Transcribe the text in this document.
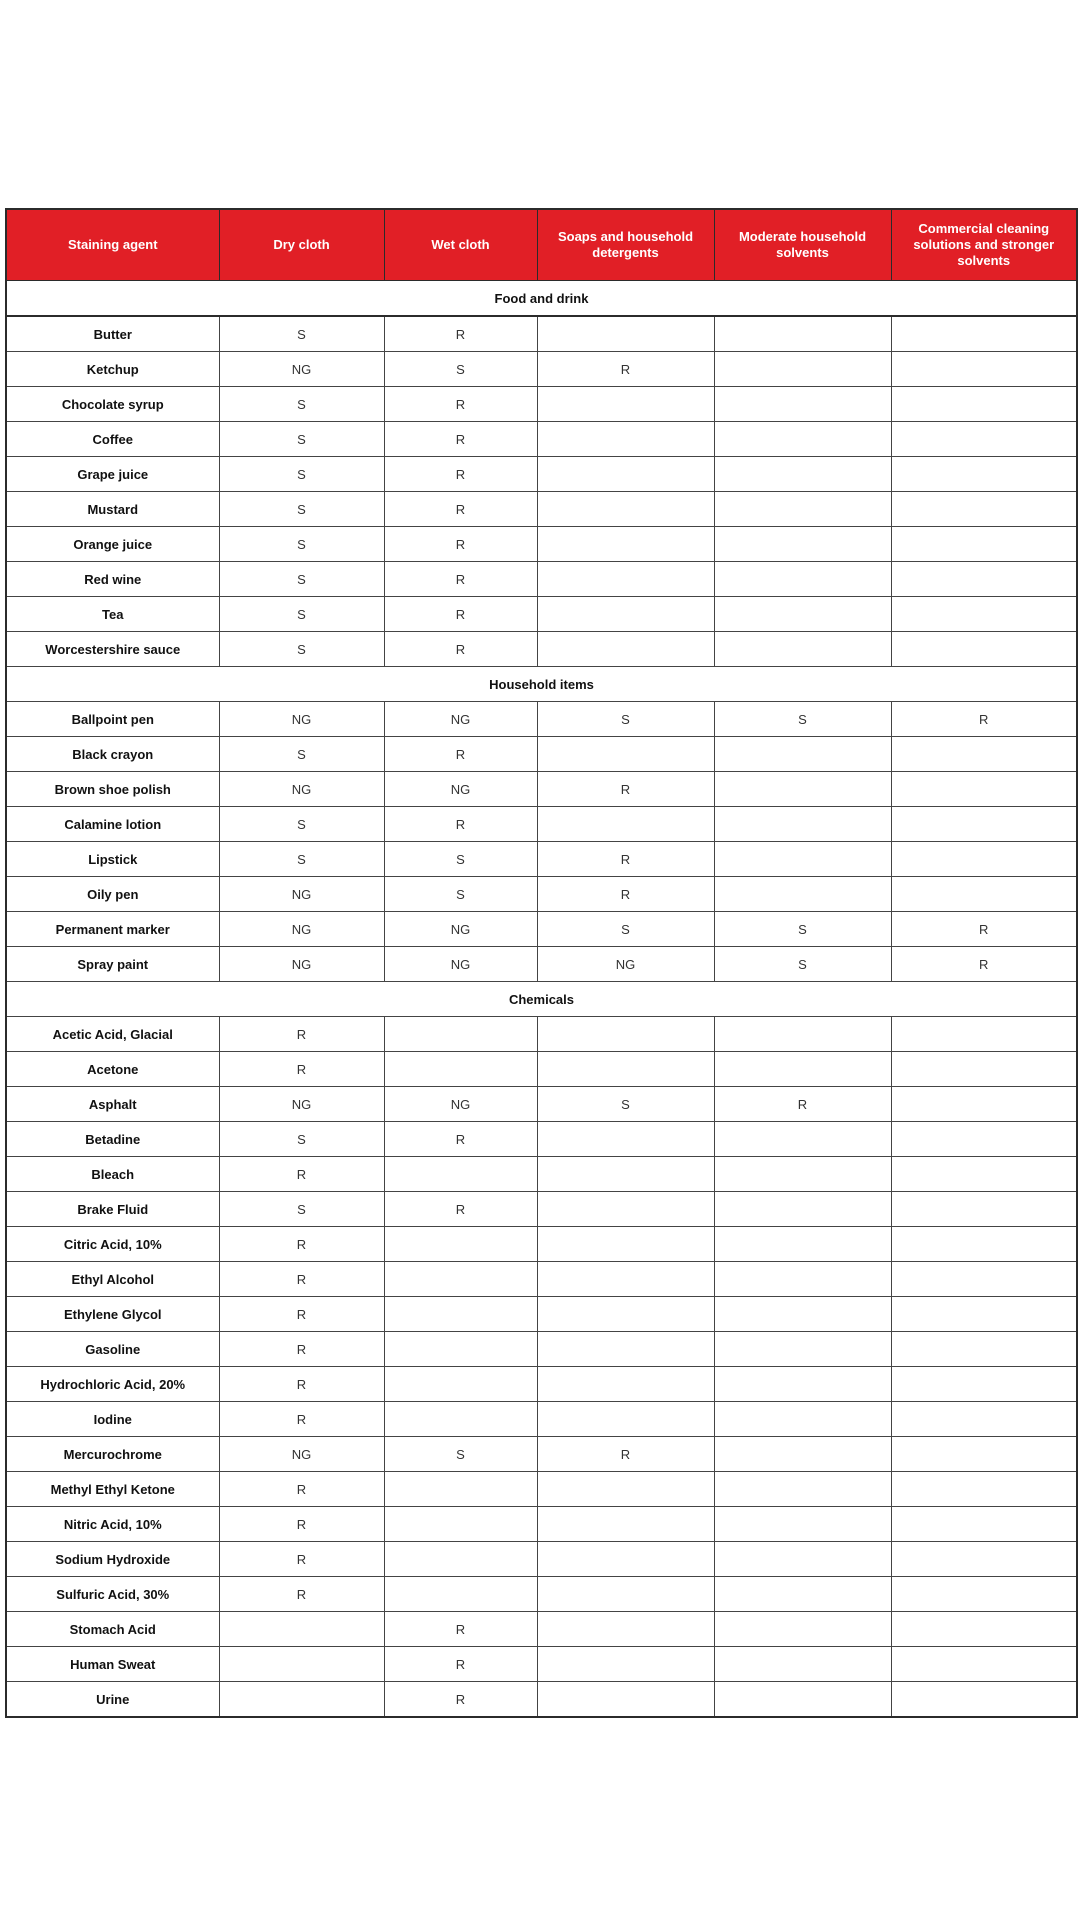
Staining agent	Dry cloth	Wet cloth	Soaps and household detergents	Moderate household solvents	Commercial cleaning solutions and stronger solvents
Food and drink					
Butter	S	R			
Ketchup	NG	S	R		
Chocolate syrup	S	R			
Coffee	S	R			
Grape juice	S	R			
Mustard	S	R			
Orange juice	S	R			
Red wine	S	R			
Tea	S	R			
Worcestershire sauce	S	R			
Household items					
Ballpoint pen	NG	NG	S	S	R
Black crayon	S	R			
Brown shoe polish	NG	NG	R		
Calamine lotion	S	R			
Lipstick	S	S	R		
Oily pen	NG	S	R		
Permanent marker	NG	NG	S	S	R
Spray paint	NG	NG	NG	S	R
Chemicals					
Acetic Acid, Glacial	R				
Acetone	R				
Asphalt	NG	NG	S	R	
Betadine	S	R			
Bleach	R				
Brake Fluid	S	R			
Citric Acid, 10%	R				
Ethyl Alcohol	R				
Ethylene Glycol	R				
Gasoline	R				
Hydrochloric Acid, 20%	R				
Iodine	R				
Mercurochrome	NG	S	R		
Methyl Ethyl Ketone	R				
Nitric Acid, 10%	R				
Sodium Hydroxide	R				
Sulfuric Acid, 30%	R				
Stomach Acid		R			
Human Sweat		R			
Urine		R			
